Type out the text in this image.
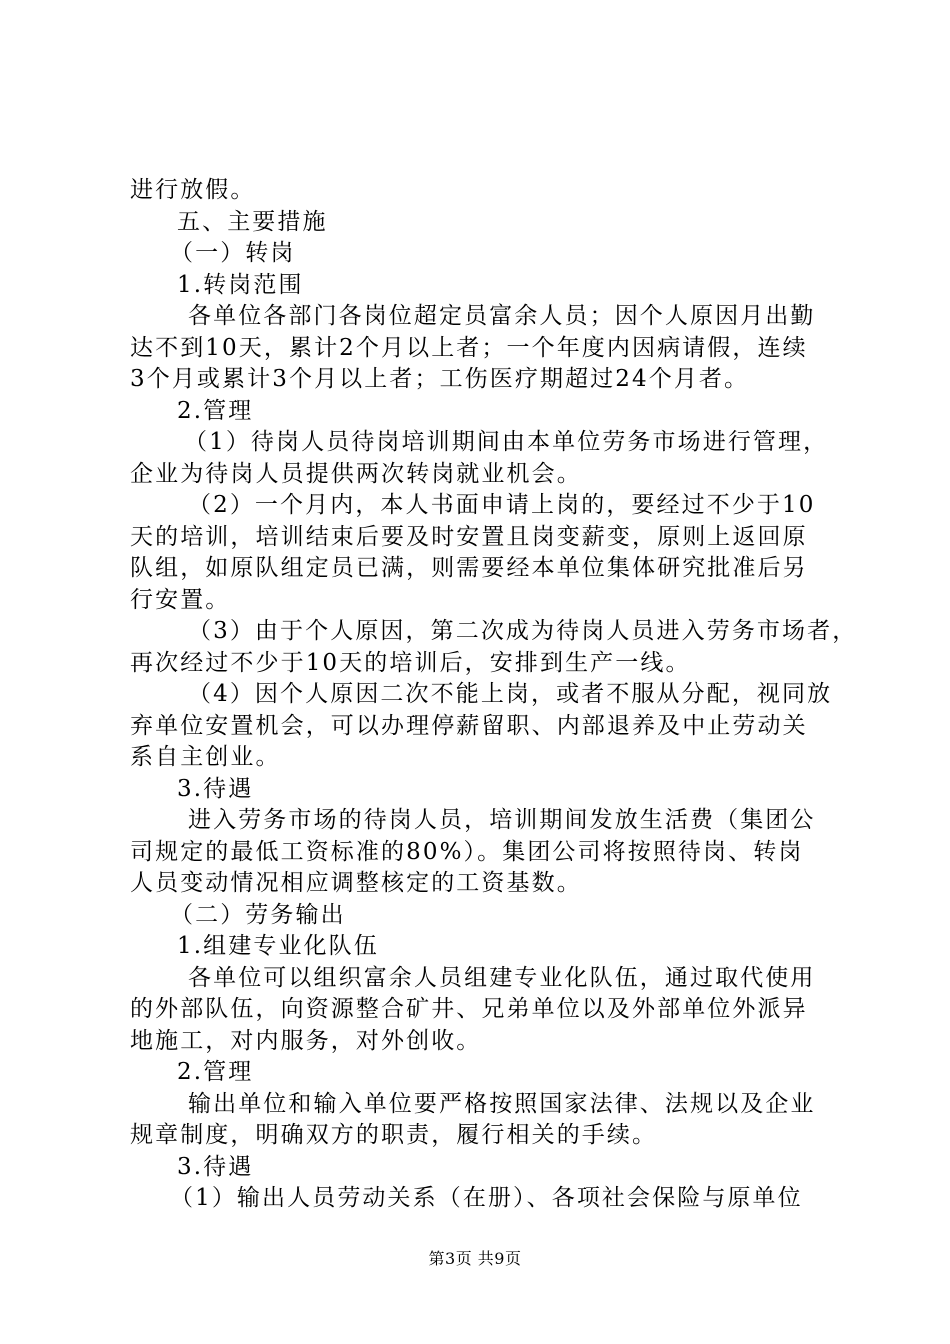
进行放假。
五、主要措施
（一）转岗
1.转岗范围
各单位各部门各岗位超定员富余人员；因个人原因月出勤
达不到10天，累计2个月以上者；一个年度内因病请假，连续
3个月或累计3个月以上者；工伤医疗期超过24个月者。
2.管理
（1）待岗人员待岗培训期间由本单位劳务市场进行管理，
企业为待岗人员提供两次转岗就业机会。
（2）一个月内，本人书面申请上岗的，要经过不少于10
天的培训，培训结束后要及时安置且岗变薪变，原则上返回原
队组，如原队组定员已满，则需要经本单位集体研究批准后另
行安置。
（3）由于个人原因，第二次成为待岗人员进入劳务市场者，
再次经过不少于10天的培训后，安排到生产一线。
（4）因个人原因二次不能上岗，或者不服从分配，视同放
弃单位安置机会，可以办理停薪留职、内部退养及中止劳动关
系自主创业。
3.待遇
进入劳务市场的待岗人员，培训期间发放生活费（集团公
司规定的最低工资标准的80%）。集团公司将按照待岗、转岗
人员变动情况相应调整核定的工资基数。
（二）劳务输出
1.组建专业化队伍
各单位可以组织富余人员组建专业化队伍，通过取代使用
的外部队伍，向资源整合矿井、兄弟单位以及外部单位外派异
地施工，对内服务，对外创收。
2.管理
输出单位和输入单位要严格按照国家法律、法规以及企业
规章制度，明确双方的职责，履行相关的手续。
3.待遇
（1）输出人员劳动关系（在册）、各项社会保险与原单位
第3页 共9页
